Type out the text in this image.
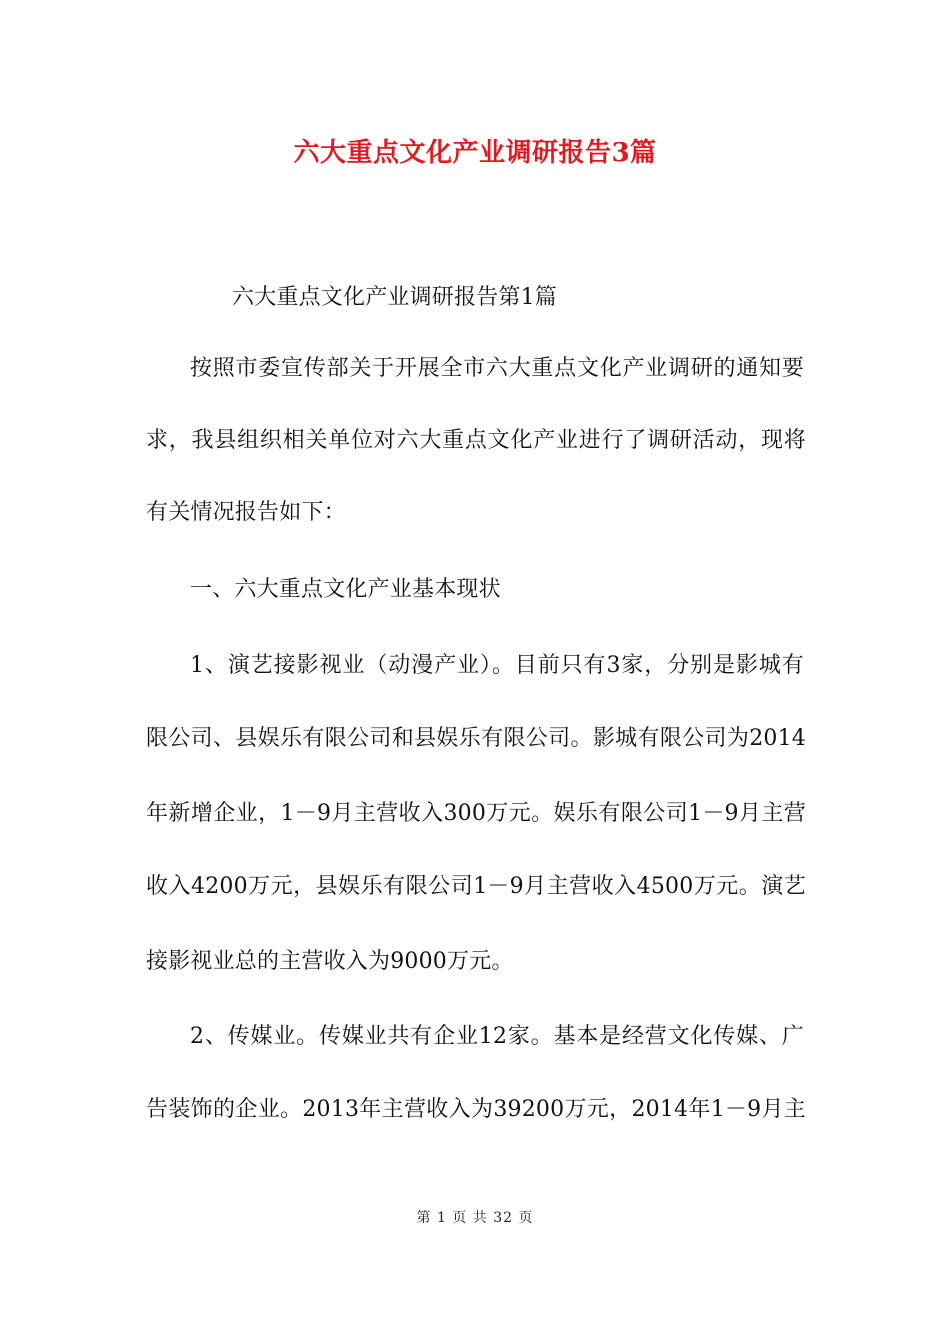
六大重点文化产业调研报告3篇
六大重点文化产业调研报告第1篇
按照市委宣传部关于开展全市六大重点文化产业调研的通知要
求，我县组织相关单位对六大重点文化产业进行了调研活动，现将
有关情况报告如下：
一、六大重点文化产业基本现状
1、演艺接影视业（动漫产业）。目前只有3家，分别是影城有
限公司、县娱乐有限公司和县娱乐有限公司。影城有限公司为2014
年新增企业，1－9月主营收入300万元。娱乐有限公司1－9月主营
收入4200万元，县娱乐有限公司1－9月主营收入4500万元。演艺
接影视业总的主营收入为9000万元。
2、传媒业。传媒业共有企业12家。基本是经营文化传媒、广
告装饰的企业。2013年主营收入为39200万元，2014年1－9月主
第 1 页 共 32 页
